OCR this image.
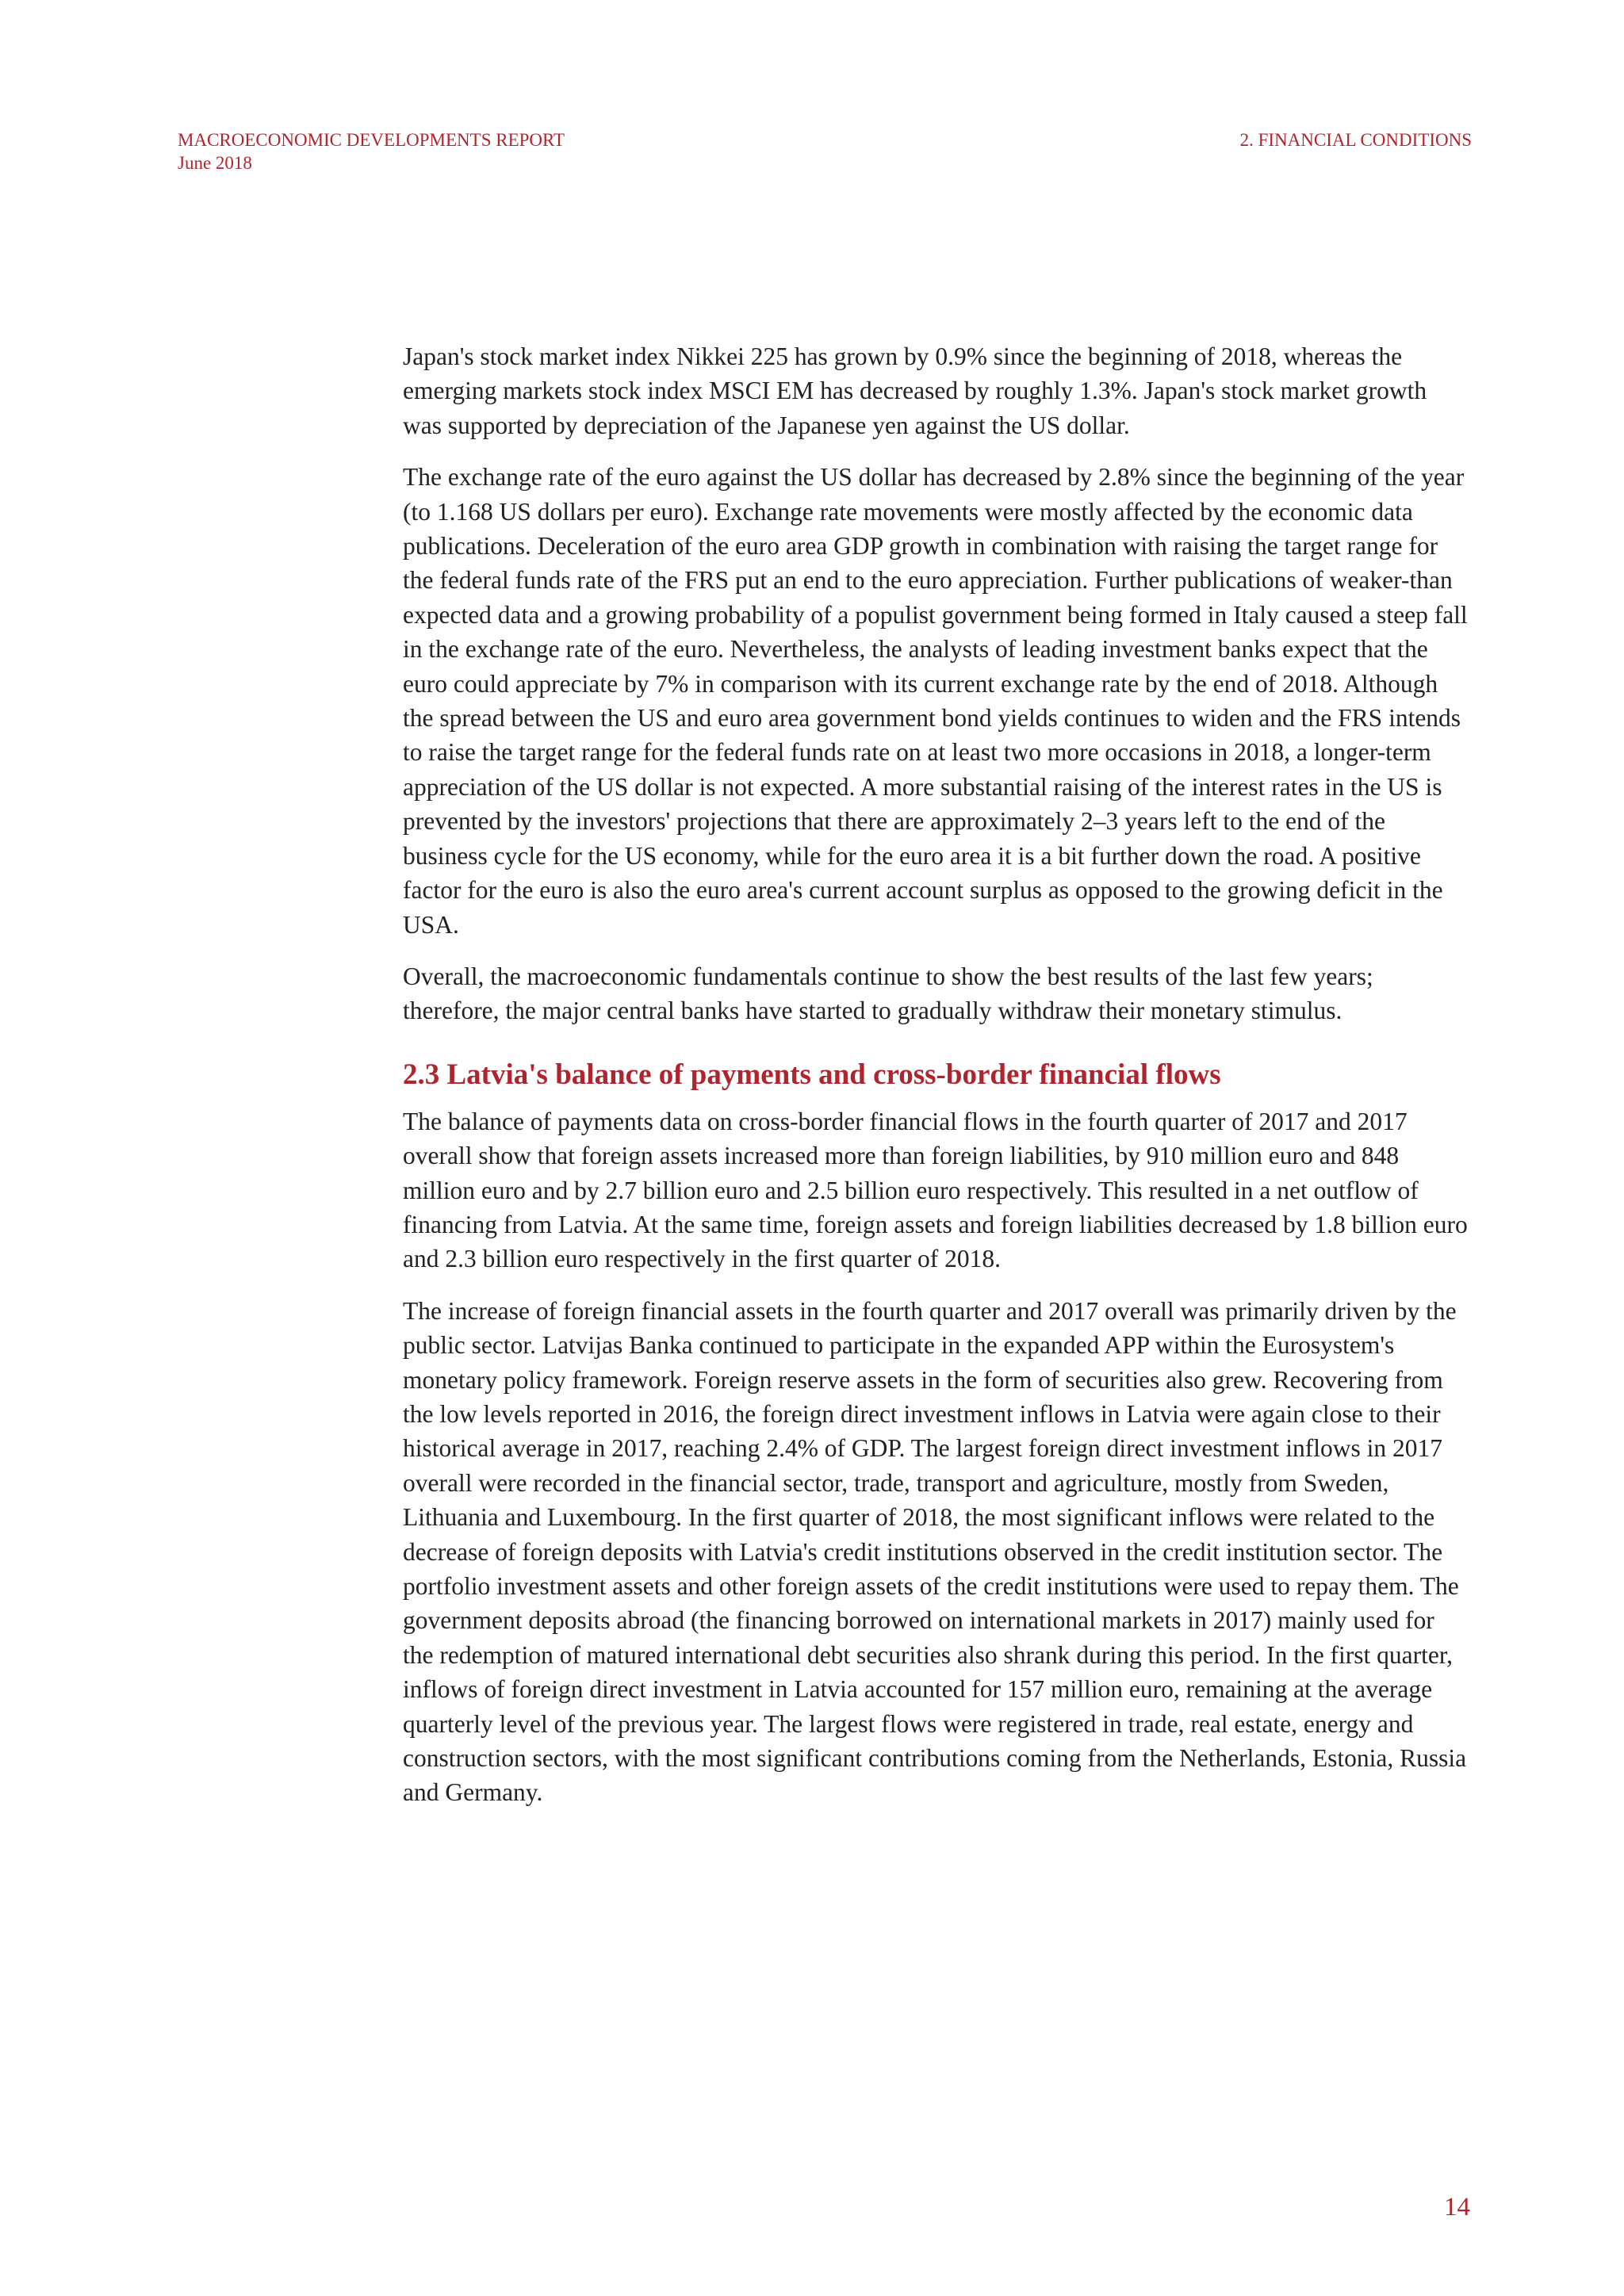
MACROECONOMIC DEVELOPMENTS REPORT
June 2018
2. FINANCIAL CONDITIONS

Japan's stock market index Nikkei 225 has grown by 0.9% since the beginning of 2018, whereas the emerging markets stock index MSCI EM has decreased by roughly 1.3%. Japan's stock market growth was supported by depreciation of the Japanese yen against the US dollar.

The exchange rate of the euro against the US dollar has decreased by 2.8% since the beginning of the year (to 1.168 US dollars per euro). Exchange rate movements were mostly affected by the economic data publications. Deceleration of the euro area GDP growth in combination with raising the target range for the federal funds rate of the FRS put an end to the euro appreciation. Further publications of weaker-than expected data and a growing probability of a populist government being formed in Italy caused a steep fall in the exchange rate of the euro. Nevertheless, the analysts of leading investment banks expect that the euro could appreciate by 7% in comparison with its current exchange rate by the end of 2018. Although the spread between the US and euro area government bond yields continues to widen and the FRS intends to raise the target range for the federal funds rate on at least two more occasions in 2018, a longer-term appreciation of the US dollar is not expected. A more substantial raising of the interest rates in the US is prevented by the investors' projections that there are approximately 2–3 years left to the end of the business cycle for the US economy, while for the euro area it is a bit further down the road. A positive factor for the euro is also the euro area's current account surplus as opposed to the growing deficit in the USA.

Overall, the macroeconomic fundamentals continue to show the best results of the last few years; therefore, the major central banks have started to gradually withdraw their monetary stimulus.

2.3 Latvia's balance of payments and cross-border financial flows

The balance of payments data on cross-border financial flows in the fourth quarter of 2017 and 2017 overall show that foreign assets increased more than foreign liabilities, by 910 million euro and 848 million euro and by 2.7 billion euro and 2.5 billion euro respectively. This resulted in a net outflow of financing from Latvia. At the same time, foreign assets and foreign liabilities decreased by 1.8 billion euro and 2.3 billion euro respectively in the first quarter of 2018.

The increase of foreign financial assets in the fourth quarter and 2017 overall was primarily driven by the public sector. Latvijas Banka continued to participate in the expanded APP within the Eurosystem's monetary policy framework. Foreign reserve assets in the form of securities also grew. Recovering from the low levels reported in 2016, the foreign direct investment inflows in Latvia were again close to their historical average in 2017, reaching 2.4% of GDP. The largest foreign direct investment inflows in 2017 overall were recorded in the financial sector, trade, transport and agriculture, mostly from Sweden, Lithuania and Luxembourg. In the first quarter of 2018, the most significant inflows were related to the decrease of foreign deposits with Latvia's credit institutions observed in the credit institution sector. The portfolio investment assets and other foreign assets of the credit institutions were used to repay them. The government deposits abroad (the financing borrowed on international markets in 2017) mainly used for the redemption of matured international debt securities also shrank during this period. In the first quarter, inflows of foreign direct investment in Latvia accounted for 157 million euro, remaining at the average quarterly level of the previous year. The largest flows were registered in trade, real estate, energy and construction sectors, with the most significant contributions coming from the Netherlands, Estonia, Russia and Germany.

14
